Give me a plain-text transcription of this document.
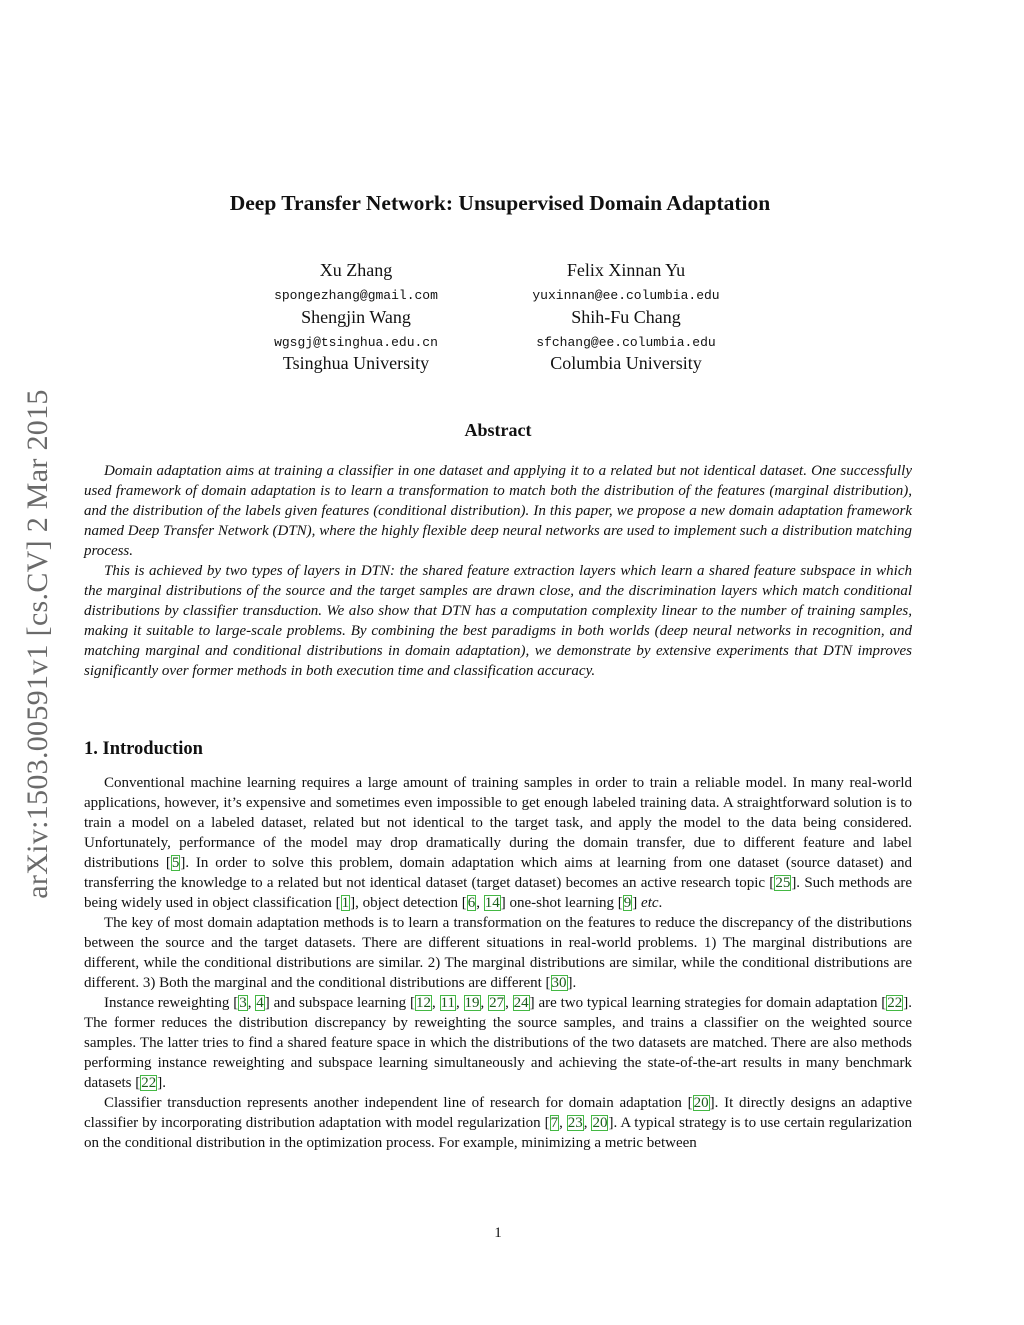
arXiv:1503.00591v1 [cs.CV] 2 Mar 2015
Deep Transfer Network: Unsupervised Domain Adaptation
Xu Zhang
spongezhang@gmail.com
Felix Xinnan Yu
yuxinnan@ee.columbia.edu
Shengjin Wang
wgsgj@tsinghua.edu.cn
Shih-Fu Chang
sfchang@ee.columbia.edu
Tsinghua University	Columbia University
Abstract

Domain adaptation aims at training a classifier in one dataset and applying it to a related but not identical dataset. One successfully used framework of domain adaptation is to learn a transformation to match both the distribution of the features (marginal distribution), and the distribution of the labels given features (conditional distribution). In this paper, we propose a new domain adaptation framework named Deep Transfer Network (DTN), where the highly flexible deep neural networks are used to implement such a distribution matching process.

This is achieved by two types of layers in DTN: the shared feature extraction layers which learn a shared feature subspace in which the marginal distributions of the source and the target samples are drawn close, and the discrimination layers which match conditional distributions by classifier transduction. We also show that DTN has a computation complexity linear to the number of training samples, making it suitable to large-scale problems. By combining the best paradigms in both worlds (deep neural networks in recognition, and matching marginal and conditional distributions in domain adaptation), we demonstrate by extensive experiments that DTN improves significantly over former methods in both execution time and classification accuracy.

1. Introduction

Conventional machine learning requires a large amount of training samples in order to train a reliable model. In many real-world applications, however, it’s expensive and sometimes even impossible to get enough labeled training data. A straightforward solution is to train a model on a labeled dataset, related but not identical to the target task, and apply the model to the data being considered. Unfortunately, performance of the model may drop dramatically during the domain transfer, due to different feature and label distributions [5]. In order to solve this problem, domain adaptation which aims at learning from one dataset (source dataset) and transferring the knowledge to a related but not identical dataset (target dataset) becomes an active research topic [25]. Such methods are being widely used in object classification [1], object detection [6, 14] one-shot learning [9] etc.

The key of most domain adaptation methods is to learn a transformation on the features to reduce the discrepancy of the distributions between the source and the target datasets. There are different situations in real-world problems. 1) The marginal distributions are different, while the conditional distributions are similar. 2) The marginal distributions are similar, while the conditional distributions are different. 3) Both the marginal and the conditional distributions are different [30].

Instance reweighting [3, 4] and subspace learning [12, 11, 19, 27, 24] are two typical learning strategies for domain adaptation [22]. The former reduces the distribution discrepancy by reweighting the source samples, and trains a classifier on the weighted source samples. The latter tries to find a shared feature space in which the distributions of the two datasets are matched. There are also methods performing instance reweighting and subspace learning simultaneously and achieving the state-of-the-art results in many benchmark datasets [22].

Classifier transduction represents another independent line of research for domain adaptation [20]. It directly designs an adaptive classifier by incorporating distribution adaptation with model regularization [7, 23, 20]. A typical strategy is to use certain regularization on the conditional distribution in the optimization process. For example, minimizing a metric between

1
